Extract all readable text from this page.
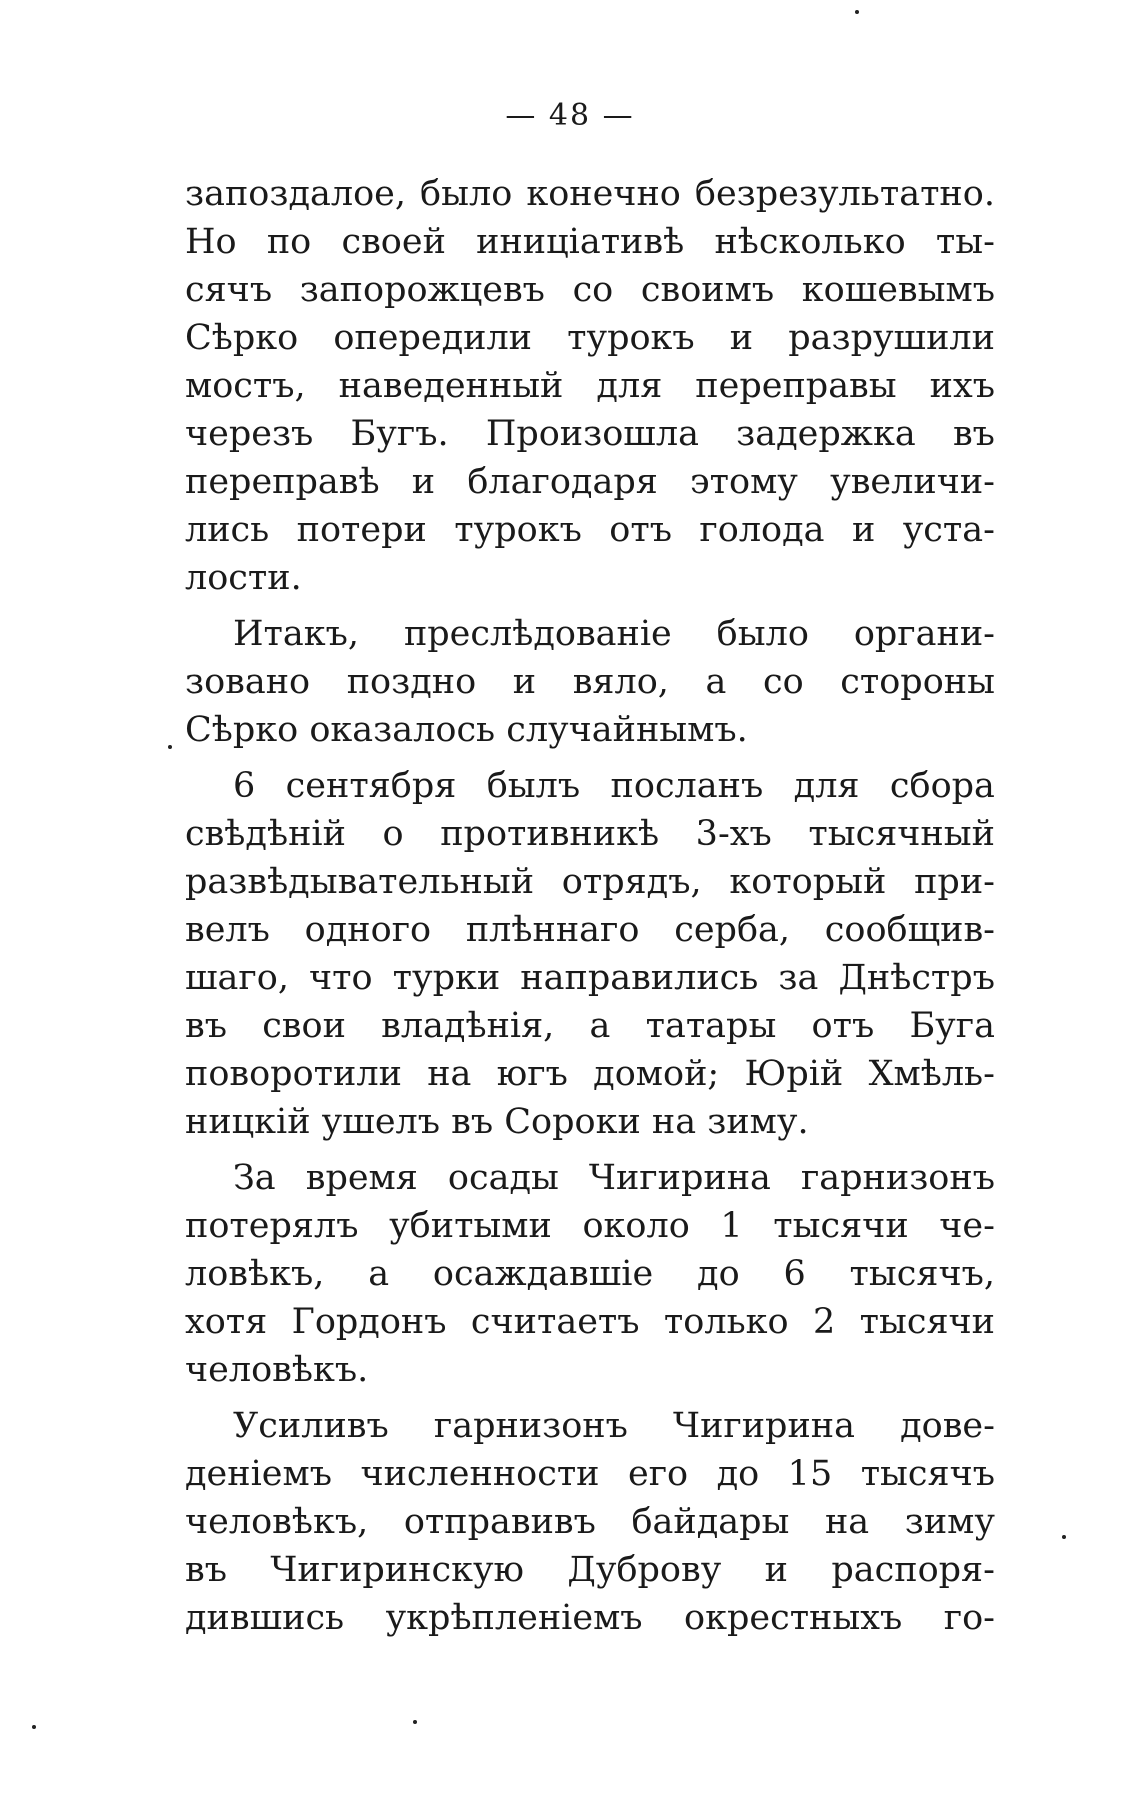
— 48 —
запоздалое, было конечно безрезультатно.
Но по своей иниціативѣ нѣсколько ты-
сячъ запорожцевъ со своимъ кошевымъ
Сѣрко опередили турокъ и разрушили
мостъ, наведенный для переправы ихъ
черезъ Бугъ. Произошла задержка въ
переправѣ и благодаря этому увеличи-
лись потери турокъ отъ голода и уста-
лости.
Итакъ, преслѣдованіе было органи-
зовано поздно и вяло, а со стороны
Сѣрко оказалось случайнымъ.
6 сентября былъ посланъ для сбора
свѣдѣній о противникѣ 3-хъ тысячный
развѣдывательный отрядъ, который при-
велъ одного плѣннаго серба, сообщив-
шаго, что турки направились за Днѣстръ
въ свои владѣнія, а татары отъ Буга
поворотили на югъ домой; Юрій Хмѣль-
ницкій ушелъ въ Сороки на зиму.
За время осады Чигирина гарнизонъ
потерялъ убитыми около 1 тысячи че-
ловѣкъ, а осаждавшіе до 6 тысячъ,
хотя Гордонъ считаетъ только 2 тысячи
человѣкъ.
Усиливъ гарнизонъ Чигирина дове-
деніемъ численности его до 15 тысячъ
человѣкъ, отправивъ байдары на зиму
въ Чигиринскую Дуброву и распоря-
дившись укрѣпленіемъ окрестныхъ го-
